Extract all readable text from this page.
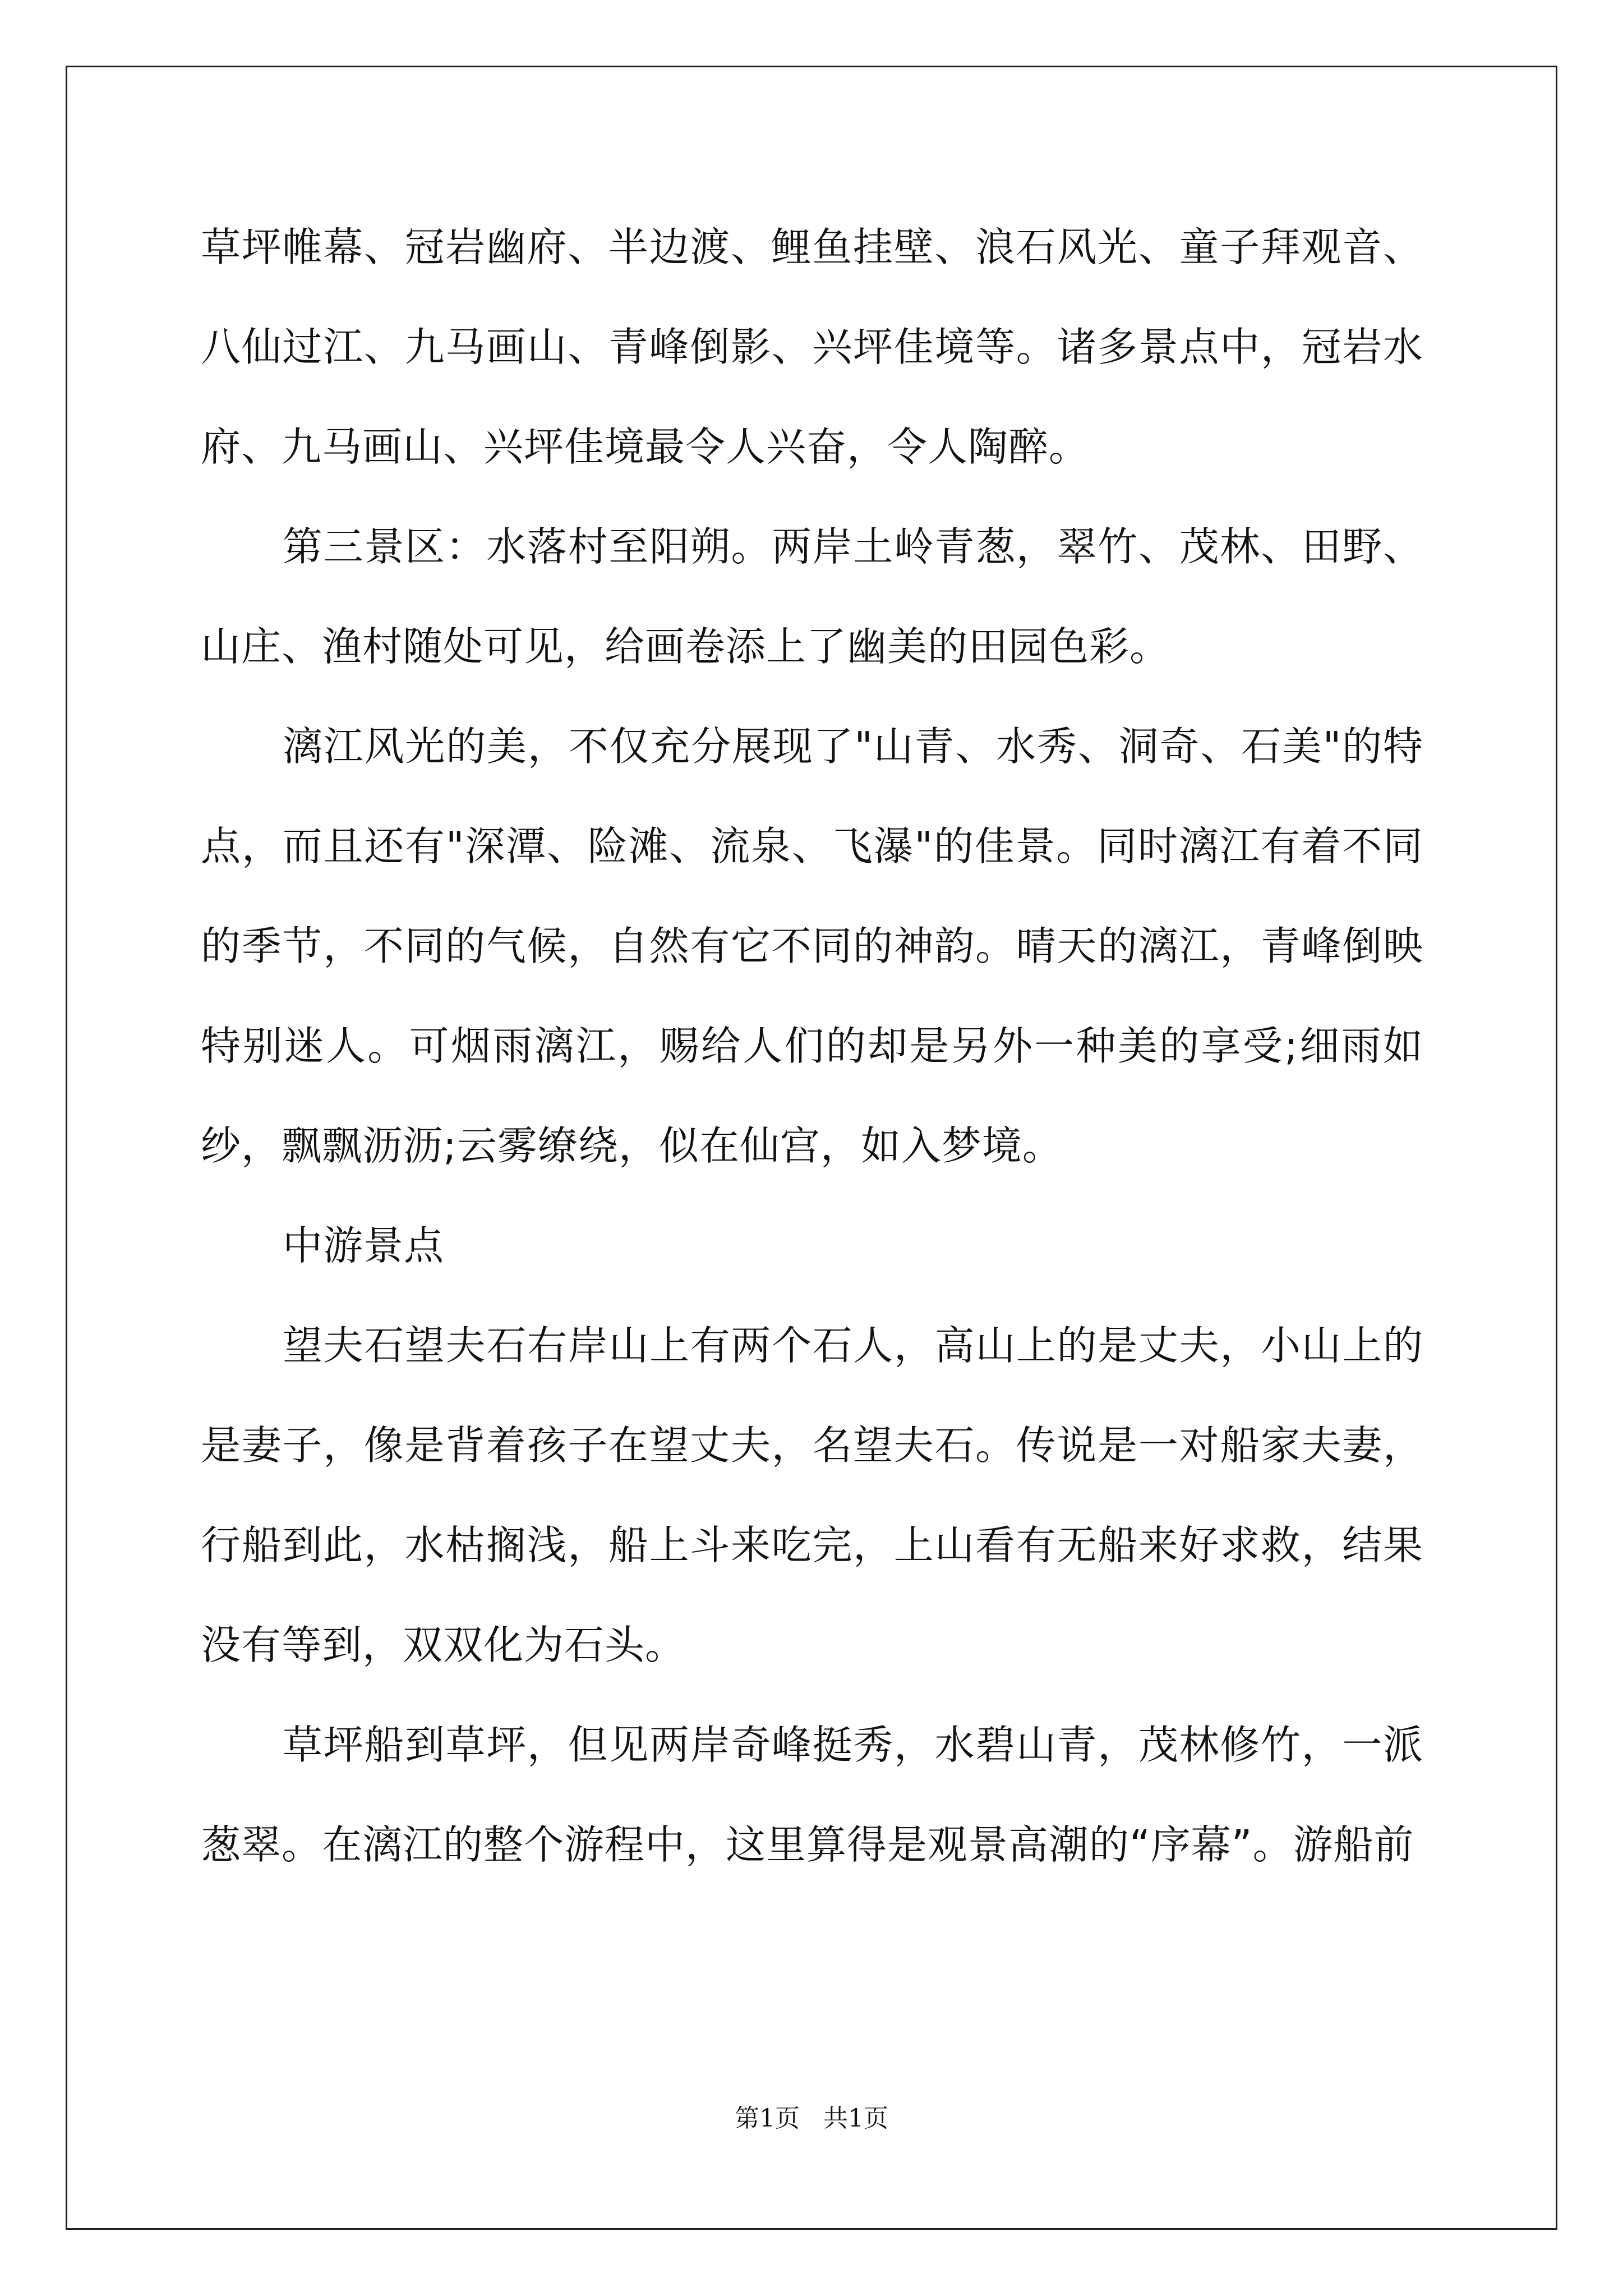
草坪帷幕、冠岩幽府、半边渡、鲤鱼挂壁、浪石风光、童子拜观音、八仙过江、九马画山、青峰倒影、兴坪佳境等。诸多景点中，冠岩水府、九马画山、兴坪佳境最令人兴奋，令人陶醉。

第三景区：水落村至阳朔。两岸土岭青葱，翠竹、茂林、田野、山庄、渔村随处可见，给画卷添上了幽美的田园色彩。

漓江风光的美，不仅充分展现了"山青、水秀、洞奇、石美"的特点，而且还有"深潭、险滩、流泉、飞瀑"的佳景。同时漓江有着不同的季节，不同的气候，自然有它不同的神韵。晴天的漓江，青峰倒映特别迷人。可烟雨漓江，赐给人们的却是另外一种美的享受;细雨如纱，飘飘沥沥;云雾缭绕，似在仙宫，如入梦境。

中游景点

望夫石望夫石右岸山上有两个石人，高山上的是丈夫，小山上的是妻子，像是背着孩子在望丈夫，名望夫石。传说是一对船家夫妻，行船到此，水枯搁浅，船上斗来吃完，上山看有无船来好求救，结果没有等到，双双化为石头。

草坪船到草坪，但见两岸奇峰挺秀，水碧山青，茂林修竹，一派葱翠。在漓江的整个游程中，这里算得是观景高潮的“序幕”。游船前

第1页   共1页
